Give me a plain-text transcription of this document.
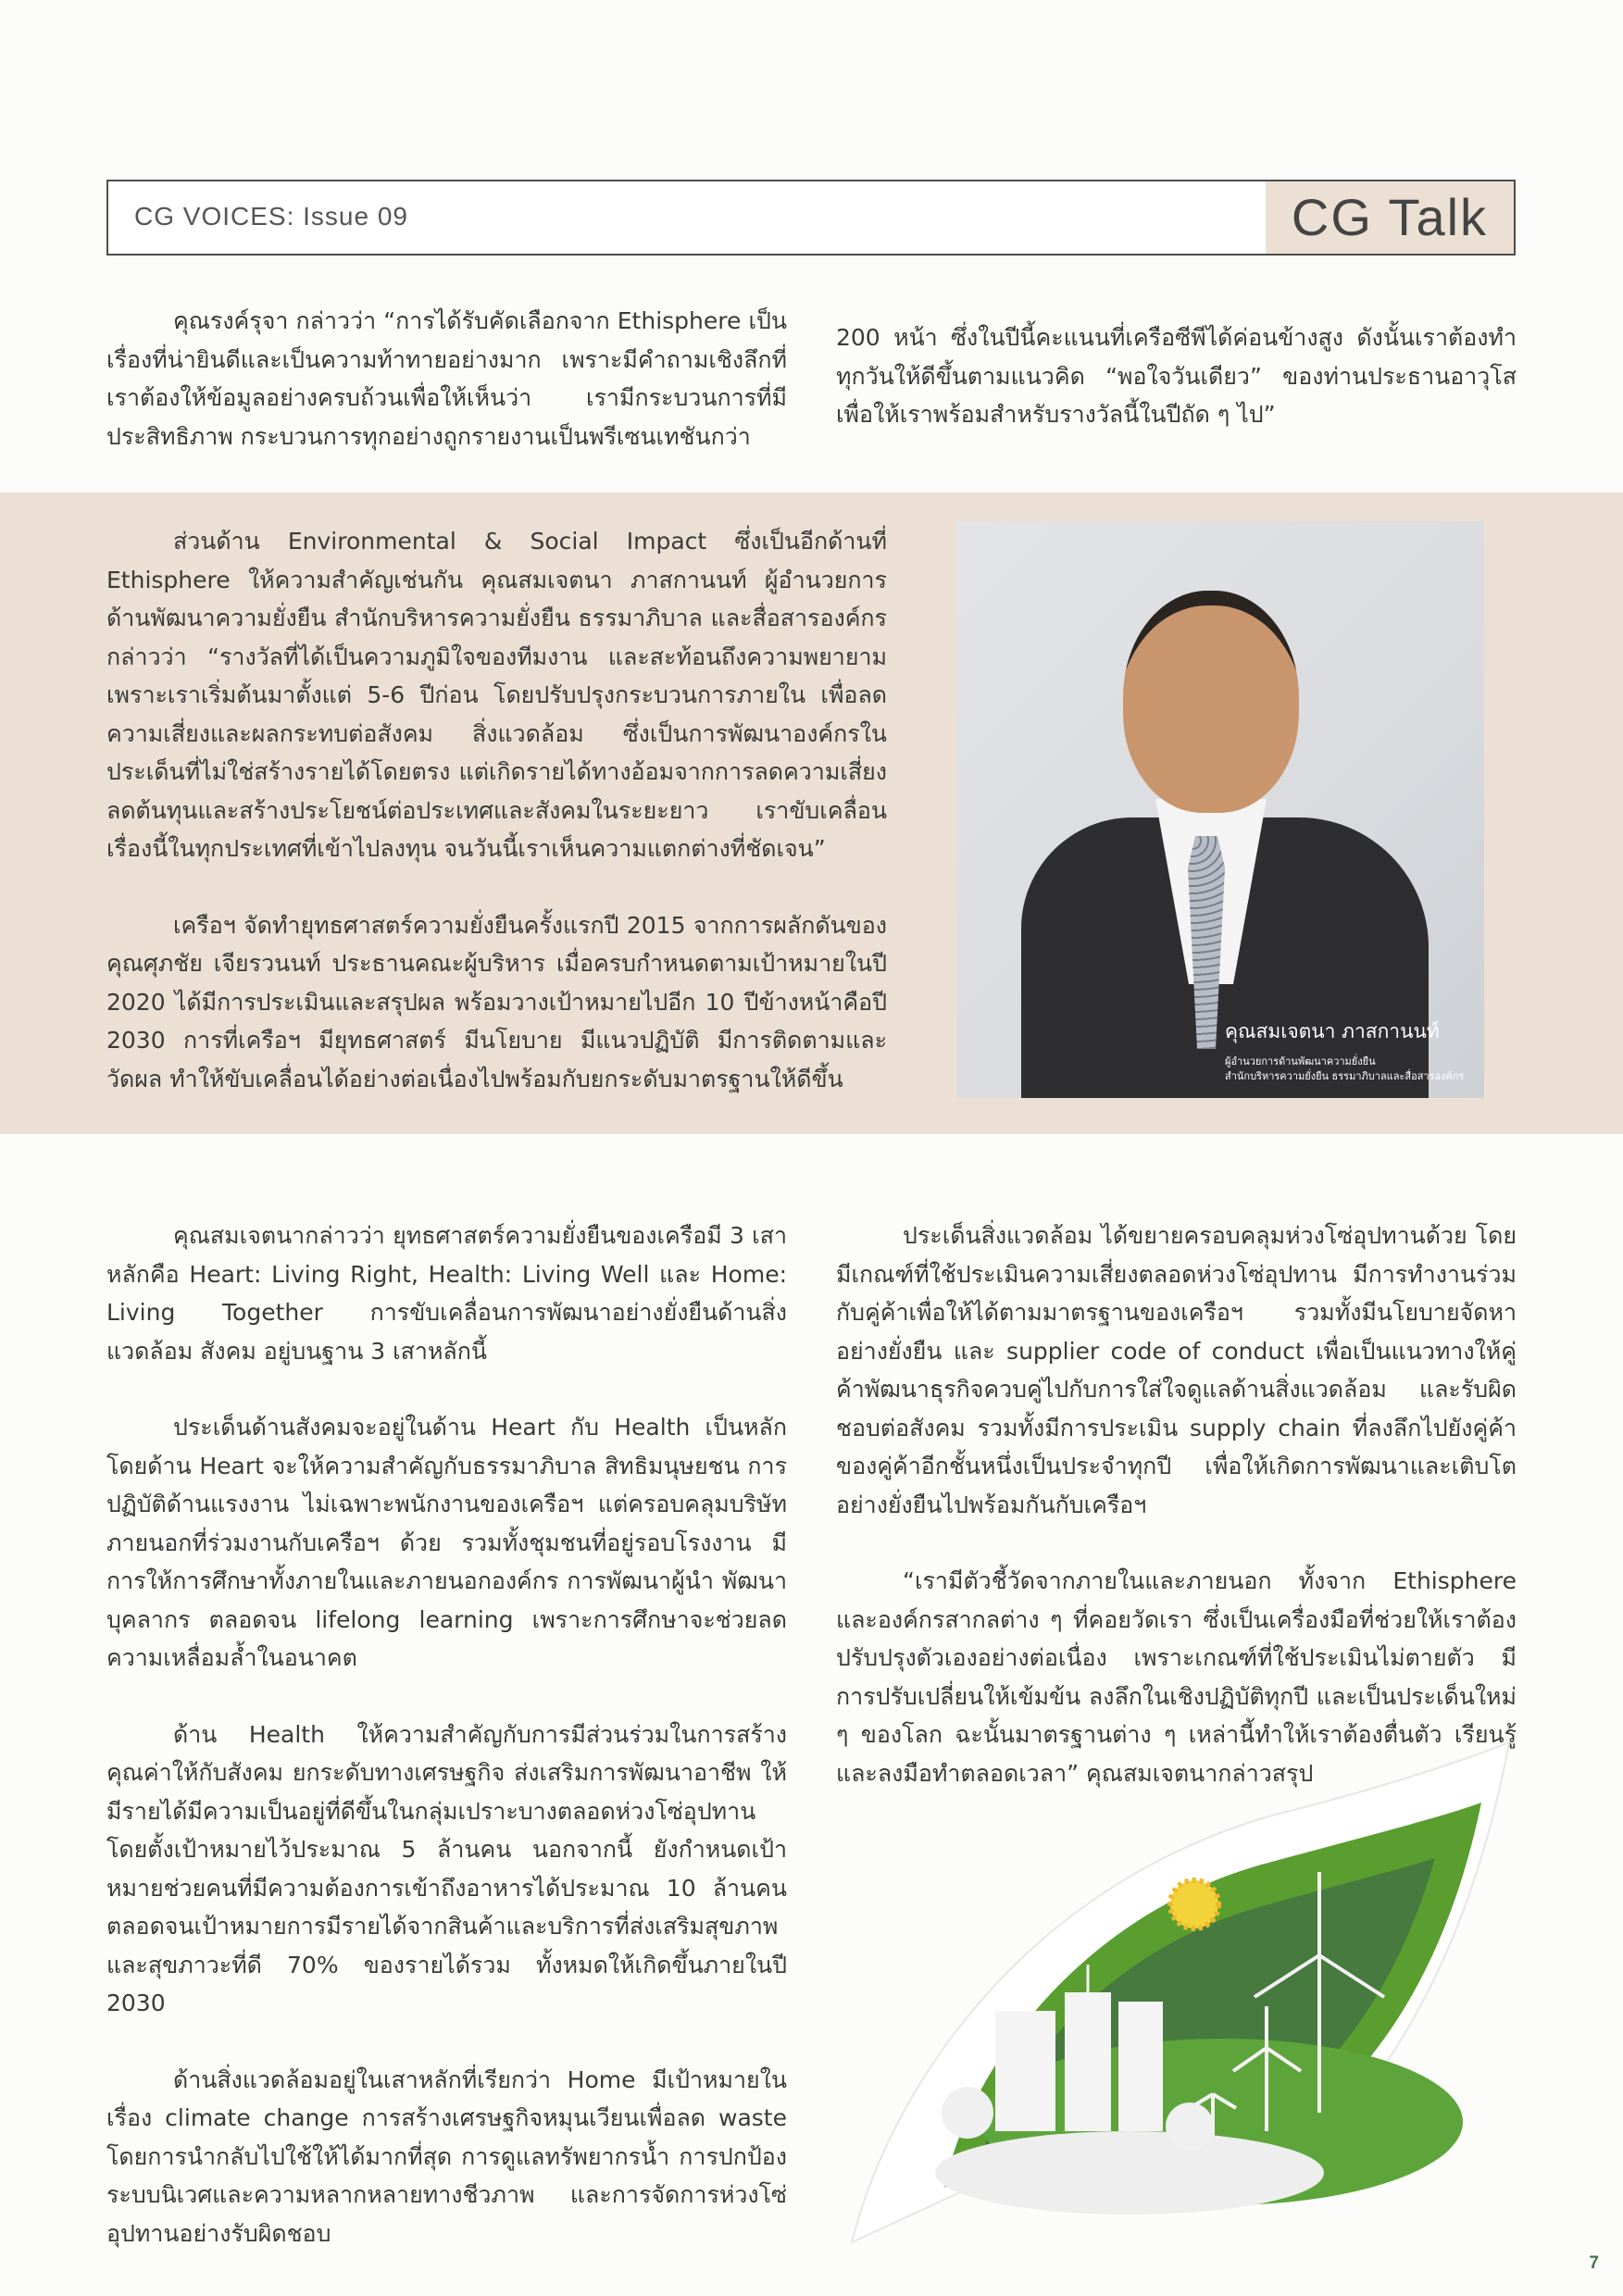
CG VOICES: Issue 09	CG Talk

คุณรงค์รุจา กล่าวว่า “การได้รับคัดเลือกจาก Ethisphere เป็นเรื่องที่น่ายินดีและเป็นความท้าทายอย่างมาก เพราะมีคำถามเชิงลึกที่เราต้องให้ข้อมูลอย่างครบถ้วนเพื่อให้เห็นว่า เรามีกระบวนการที่มีประสิทธิภาพ กระบวนการทุกอย่างถูกรายงานเป็นพรีเซนเทชันกว่า

200 หน้า ซึ่งในปีนี้คะแนนที่เครือซีพีได้ค่อนข้างสูง ดังนั้นเราต้องทำทุกวันให้ดีขึ้นตามแนวคิด “พอใจวันเดียว” ของท่านประธานอาวุโส เพื่อให้เราพร้อมสำหรับรางวัลนี้ในปีถัด ๆ ไป”

ส่วนด้าน Environmental & Social Impact ซึ่งเป็นอีกด้านที่ Ethisphere ให้ความสำคัญเช่นกัน คุณสมเจตนา ภาสกานนท์ ผู้อำนวยการด้านพัฒนาความยั่งยืน สำนักบริหารความยั่งยืน ธรรมาภิบาล และสื่อสารองค์กร กล่าวว่า “รางวัลที่ได้เป็นความภูมิใจของทีมงาน และสะท้อนถึงความพยายาม เพราะเราเริ่มต้นมาตั้งแต่ 5-6 ปีก่อน โดยปรับปรุงกระบวนการภายใน เพื่อลดความเสี่ยงและผลกระทบต่อสังคม สิ่งแวดล้อม ซึ่งเป็นการพัฒนาองค์กรในประเด็นที่ไม่ใช่สร้างรายได้โดยตรง แต่เกิดรายได้ทางอ้อมจากการลดความเสี่ยง ลดต้นทุนและสร้างประโยชน์ต่อประเทศและสังคมในระยะยาว เราขับเคลื่อนเรื่องนี้ในทุกประเทศที่เข้าไปลงทุน จนวันนี้เราเห็นความแตกต่างที่ชัดเจน”

เครือฯ จัดทำยุทธศาสตร์ความยั่งยืนครั้งแรกปี 2015 จากการผลักดันของคุณศุภชัย เจียรวนนท์ ประธานคณะผู้บริหาร เมื่อครบกำหนดตามเป้าหมายในปี 2020 ได้มีการประเมินและสรุปผล พร้อมวางเป้าหมายไปอีก 10 ปีข้างหน้าคือปี 2030 การที่เครือฯ มียุทธศาสตร์ มีนโยบาย มีแนวปฏิบัติ มีการติดตามและวัดผล ทำให้ขับเคลื่อนได้อย่างต่อเนื่องไปพร้อมกับยกระดับมาตรฐานให้ดีขึ้น

คุณสมเจตนา ภาสกานนท์
ผู้อำนวยการด้านพัฒนาความยั่งยืน
สำนักบริหารความยั่งยืน ธรรมาภิบาลและสื่อสารองค์กร

คุณสมเจตนากล่าวว่า ยุทธศาสตร์ความยั่งยืนของเครือมี 3 เสาหลักคือ Heart: Living Right, Health: Living Well และ Home: Living Together การขับเคลื่อนการพัฒนาอย่างยั่งยืนด้านสิ่งแวดล้อม สังคม อยู่บนฐาน 3 เสาหลักนี้

ประเด็นด้านสังคมจะอยู่ในด้าน Heart กับ Health เป็นหลัก โดยด้าน Heart จะให้ความสำคัญกับธรรมาภิบาล สิทธิมนุษยชน การปฏิบัติด้านแรงงาน ไม่เฉพาะพนักงานของเครือฯ แต่ครอบคลุมบริษัทภายนอกที่ร่วมงานกับเครือฯ ด้วย รวมทั้งชุมชนที่อยู่รอบโรงงาน มีการให้การศึกษาทั้งภายในและภายนอกองค์กร การพัฒนาผู้นำ พัฒนาบุคลากร ตลอดจน lifelong learning เพราะการศึกษาจะช่วยลดความเหลื่อมล้ำในอนาคต

ด้าน Health ให้ความสำคัญกับการมีส่วนร่วมในการสร้างคุณค่าให้กับสังคม ยกระดับทางเศรษฐกิจ ส่งเสริมการพัฒนาอาชีพ ให้มีรายได้มีความเป็นอยู่ที่ดีขึ้นในกลุ่มเปราะบางตลอดห่วงโซ่อุปทาน โดยตั้งเป้าหมายไว้ประมาณ 5 ล้านคน นอกจากนี้ ยังกำหนดเป้าหมายช่วยคนที่มีความต้องการเข้าถึงอาหารได้ประมาณ 10 ล้านคน ตลอดจนเป้าหมายการมีรายได้จากสินค้าและบริการที่ส่งเสริมสุขภาพและสุขภาวะที่ดี 70% ของรายได้รวม ทั้งหมดให้เกิดขึ้นภายในปี 2030

ด้านสิ่งแวดล้อมอยู่ในเสาหลักที่เรียกว่า Home มีเป้าหมายในเรื่อง climate change การสร้างเศรษฐกิจหมุนเวียนเพื่อลด waste โดยการนำกลับไปใช้ให้ได้มากที่สุด การดูแลทรัพยากรน้ำ การปกป้องระบบนิเวศและความหลากหลายทางชีวภาพ และการจัดการห่วงโซ่อุปทานอย่างรับผิดชอบ

ประเด็นสิ่งแวดล้อม ได้ขยายครอบคลุมห่วงโซ่อุปทานด้วย โดยมีเกณฑ์ที่ใช้ประเมินความเสี่ยงตลอดห่วงโซ่อุปทาน มีการทำงานร่วมกับคู่ค้าเพื่อให้ได้ตามมาตรฐานของเครือฯ รวมทั้งมีนโยบายจัดหาอย่างยั่งยืน และ supplier code of conduct เพื่อเป็นแนวทางให้คู่ค้าพัฒนาธุรกิจควบคู่ไปกับการใส่ใจดูแลด้านสิ่งแวดล้อม และรับผิดชอบต่อสังคม รวมทั้งมีการประเมิน supply chain ที่ลงลึกไปยังคู่ค้าของคู่ค้าอีกชั้นหนึ่งเป็นประจำทุกปี เพื่อให้เกิดการพัฒนาและเติบโตอย่างยั่งยืนไปพร้อมกันกับเครือฯ

“เรามีตัวชี้วัดจากภายในและภายนอก ทั้งจาก Ethisphere และองค์กรสากลต่าง ๆ ที่คอยวัดเรา ซึ่งเป็นเครื่องมือที่ช่วยให้เราต้องปรับปรุงตัวเองอย่างต่อเนื่อง เพราะเกณฑ์ที่ใช้ประเมินไม่ตายตัว มีการปรับเปลี่ยนให้เข้มข้น ลงลึกในเชิงปฏิบัติทุกปี และเป็นประเด็นใหม่ ๆ ของโลก ฉะนั้นมาตรฐานต่าง ๆ เหล่านี้ทำให้เราต้องตื่นตัว เรียนรู้ และลงมือทำตลอดเวลา” คุณสมเจตนากล่าวสรุป

7
